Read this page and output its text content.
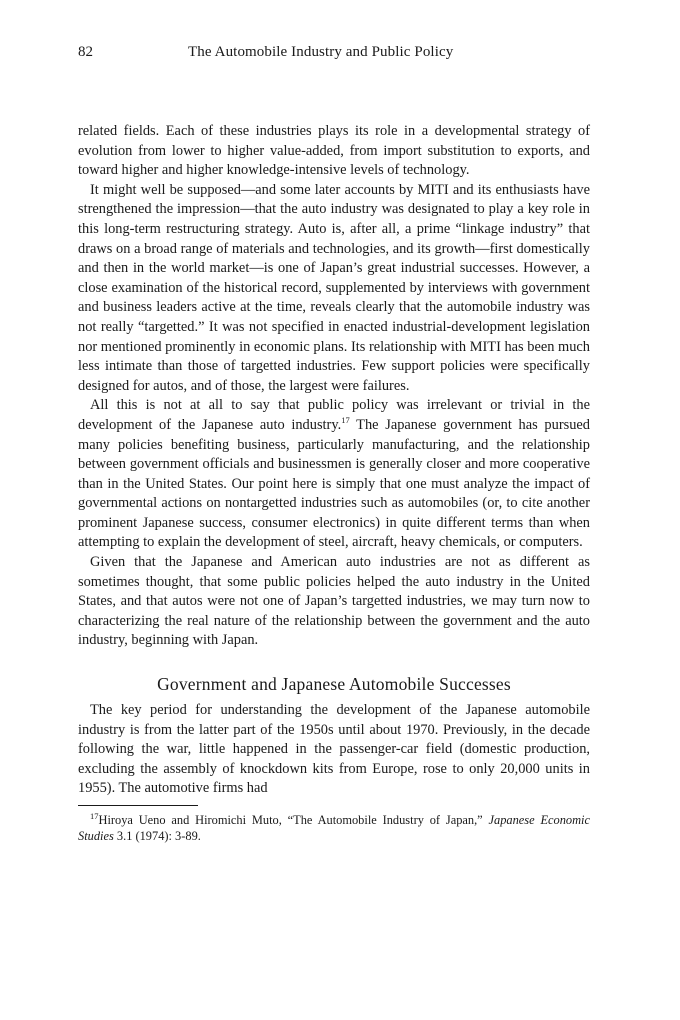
82	The Automobile Industry and Public Policy

related fields. Each of these industries plays its role in a developmental strategy of evolution from lower to higher value-added, from import substitution to exports, and toward higher and higher knowledge-intensive levels of technology.

It might well be supposed—and some later accounts by MITI and its enthusiasts have strengthened the impression—that the auto industry was designated to play a key role in this long-term restructuring strategy. Auto is, after all, a prime “linkage industry” that draws on a broad range of materials and technologies, and its growth—first domestically and then in the world market—is one of Japan’s great industrial successes. However, a close examination of the historical record, supplemented by interviews with government and business leaders active at the time, reveals clearly that the automobile industry was not really “targetted.” It was not specified in enacted industrial-development legislation nor mentioned prominently in economic plans. Its relationship with MITI has been much less intimate than those of targetted industries. Few support policies were specifically designed for autos, and of those, the largest were failures.

All this is not at all to say that public policy was irrelevant or trivial in the development of the Japanese auto industry.$^{17}$ The Japanese government has pursued many policies benefiting business, particularly manufacturing, and the relationship between government officials and businessmen is generally closer and more cooperative than in the United States. Our point here is simply that one must analyze the impact of governmental actions on nontargetted industries such as automobiles (or, to cite another prominent Japanese success, consumer electronics) in quite different terms than when attempting to explain the development of steel, aircraft, heavy chemicals, or computers.

Given that the Japanese and American auto industries are not as different as sometimes thought, that some public policies helped the auto industry in the United States, and that autos were not one of Japan’s targetted industries, we may turn now to characterizing the real nature of the relationship between the government and the auto industry, beginning with Japan.

Government and Japanese Automobile Successes

The key period for understanding the development of the Japanese automobile industry is from the latter part of the 1950s until about 1970. Previously, in the decade following the war, little happened in the passenger-car field (domestic production, excluding the assembly of knockdown kits from Europe, rose to only 20,000 units in 1955). The automotive firms had

$^{17}$Hiroya Ueno and Hiromichi Muto, “The Automobile Industry of Japan,” Japanese Economic Studies 3.1 (1974): 3-89.
